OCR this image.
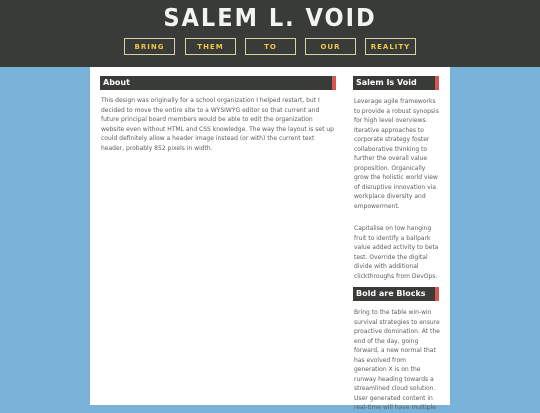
SALEM L. VOID
BRING	THEM	TO	OUR	REALITY
About
This design was originally for a school organization I helped restart, but I decided to move the entire site to a WYSIWYG editor so that current and future principal board members would be able to edit the organization website even without HTML and CSS knowledge. The way the layout is set up could definitely allow a header image instead (or with) the current text header, probably 852 pixels in width.
Salem Is Void
Leverage agile frameworks to provide a robust synopsis for high level overviews. Iterative approaches to corporate strategy foster collaborative thinking to further the overall value proposition. Organically grow the holistic world view of disruptive innovation via workplace diversity and empowerment.
Capitalise on low hanging fruit to identify a ballpark value added activity to beta test. Override the digital divide with additional clickthroughs from DevOps.
Bold are Blocks
Bring to the table win-win survival strategies to ensure proactive domination. At the end of the day, going forward, a new normal that has evolved from generation X is on the runway heading towards a streamlined cloud solution. User generated content in real-time will have multiple
